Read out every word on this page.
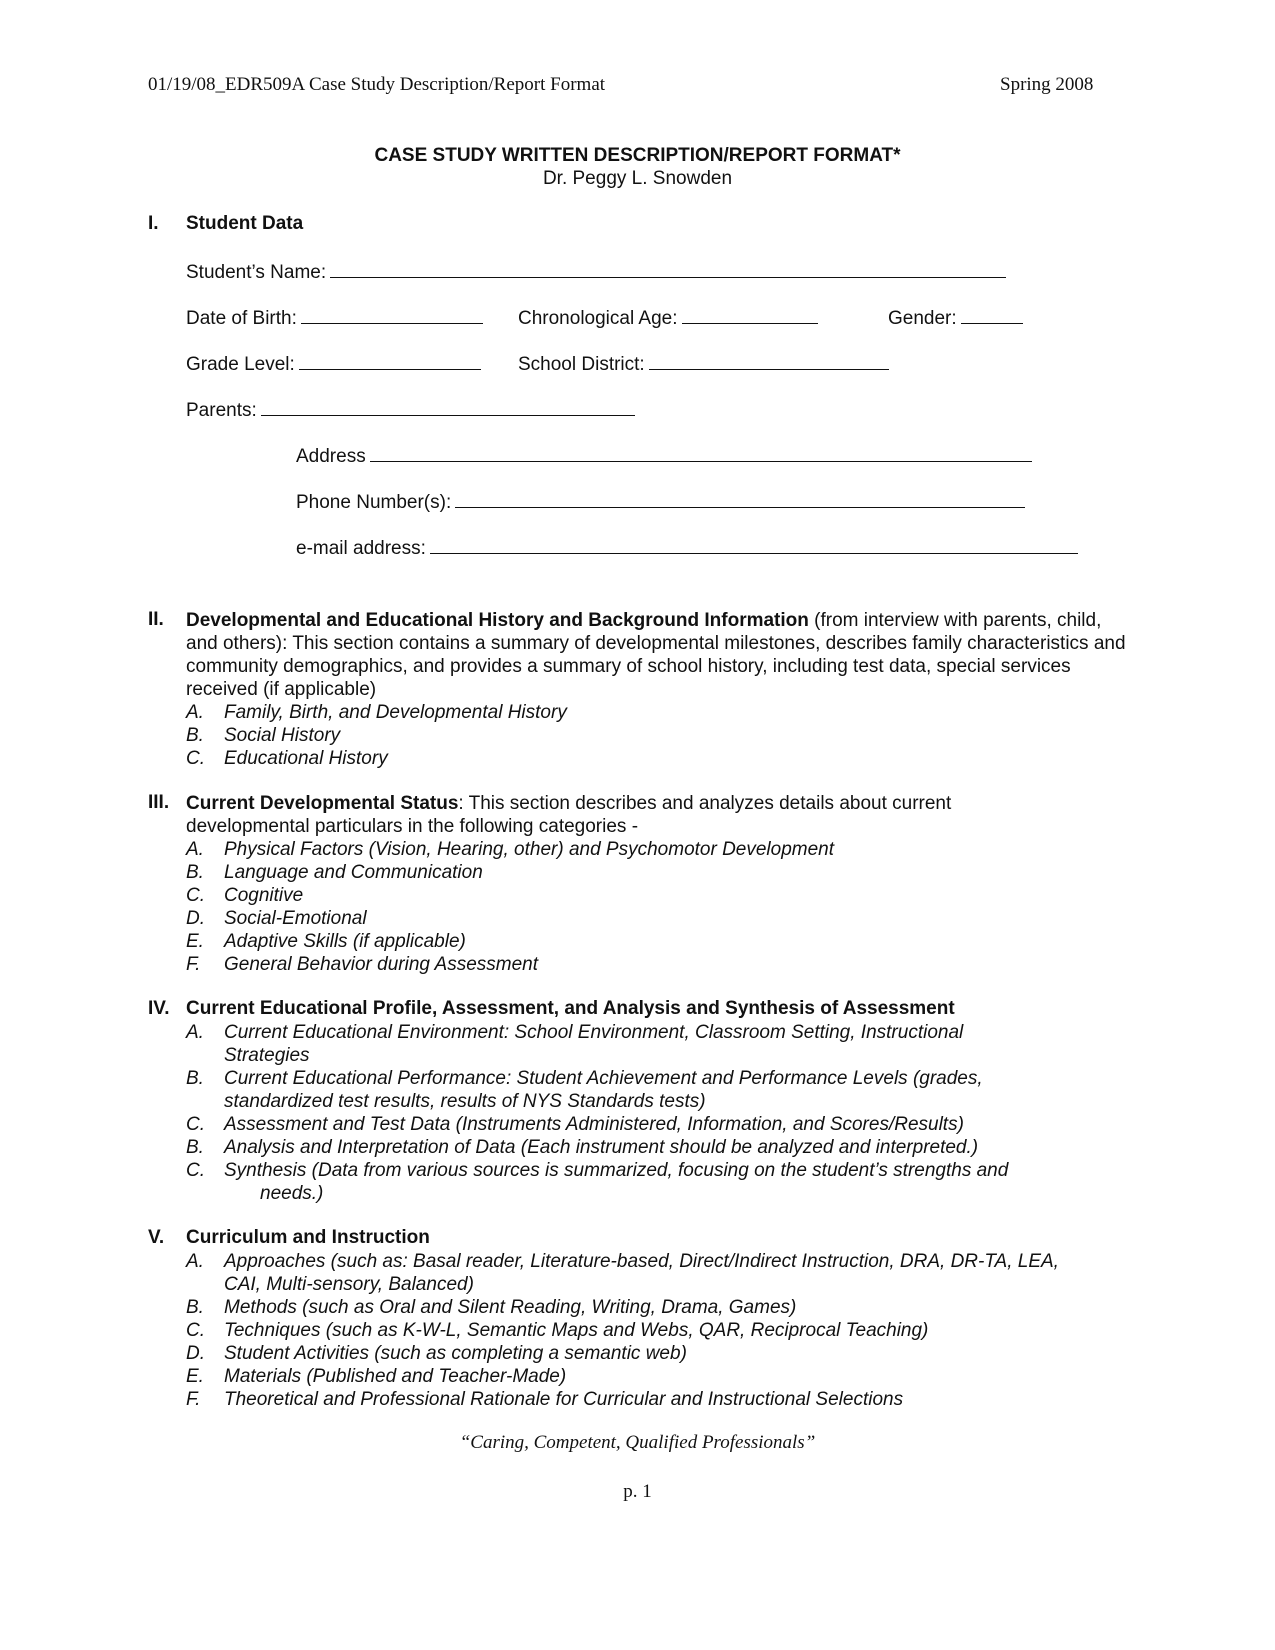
01/19/08_EDR509A Case Study Description/Report Format	Spring 2008
CASE STUDY WRITTEN DESCRIPTION/REPORT FORMAT*
Dr. Peggy L. Snowden
I. Student Data
Student’s Name:
Date of Birth:	Chronological Age:	Gender:
Grade Level:	School District:
Parents:
Address
Phone Number(s):
e-mail address:
II. Developmental and Educational History and Background Information (from interview with parents, child, and others): This section contains a summary of developmental milestones, describes family characteristics and community demographics, and provides a summary of school history, including test data, special services received (if applicable)
A.	Family, Birth, and Developmental History
B.	Social History
C.	Educational History
III. Current Developmental Status: This section describes and analyzes details about current developmental particulars in the following categories -
A.	Physical Factors (Vision, Hearing, other) and Psychomotor Development
B.	Language and Communication
C.	Cognitive
D.	Social-Emotional
E.	Adaptive Skills (if applicable)
F.	General Behavior during Assessment
IV. Current Educational Profile, Assessment, and Analysis and Synthesis of Assessment
A.	Current Educational Environment: School Environment, Classroom Setting, Instructional Strategies
B.	Current Educational Performance: Student Achievement and Performance Levels (grades, standardized test results, results of NYS Standards tests)
C.	Assessment and Test Data (Instruments Administered, Information, and Scores/Results)
B.	Analysis and Interpretation of Data (Each instrument should be analyzed and interpreted.)
C.	Synthesis (Data from various sources is summarized, focusing on the student’s strengths and
needs.)
V. Curriculum and Instruction
A.	Approaches (such as: Basal reader, Literature-based, Direct/Indirect Instruction, DRA, DR-TA, LEA, CAI, Multi-sensory, Balanced)
B.	Methods (such as Oral and Silent Reading, Writing, Drama, Games)
C.	Techniques (such as K-W-L, Semantic Maps and Webs, QAR, Reciprocal Teaching)
D.	Student Activities (such as completing a semantic web)
E.	Materials (Published and Teacher-Made)
F.	Theoretical and Professional Rationale for Curricular and Instructional Selections
“Caring, Competent, Qualified Professionals”
p. 1
